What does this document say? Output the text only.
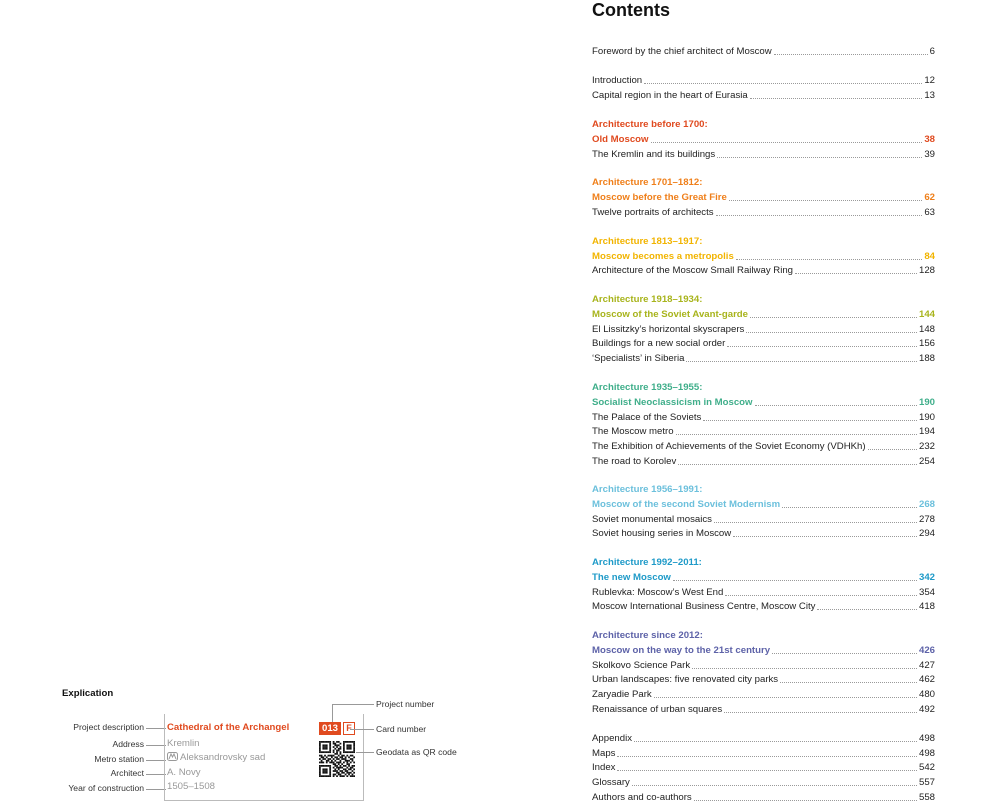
Contents
Foreword by the chief architect of Moscow	6
Introduction	12
Capital region in the heart of Eurasia	13
Architecture before 1700:
Old Moscow	38
The Kremlin and its buildings	39
Architecture 1701–1812:
Moscow before the Great Fire	62
Twelve portraits of architects	63
Architecture 1813–1917:
Moscow becomes a metropolis	84
Architecture of the Moscow Small Railway Ring	128
Architecture 1918–1934:
Moscow of the Soviet Avant-garde	144
El Lissitzky’s horizontal skyscrapers	148
Buildings for a new social order	156
‘Specialists’ in Siberia	188
Architecture 1935–1955:
Socialist Neoclassicism in Moscow	190
The Palace of the Soviets	190
The Moscow metro	194
The Exhibition of Achievements of the Soviet Economy (VDHKh)	232
The road to Korolev	254
Architecture 1956–1991:
Moscow of the second Soviet Modernism	268
Soviet monumental mosaics	278
Soviet housing series in Moscow	294
Architecture 1992–2011:
The new Moscow	342
Rublevka: Moscow’s West End	354
Moscow International Business Centre, Moscow City	418
Architecture since 2012:
Moscow on the way to the 21st century	426
Skolkovo Science Park	427
Urban landscapes: five renovated city parks	462
Zaryadie Park	480
Renaissance of urban squares	492
Appendix	498
Maps	498
Index	542
Glossary	557
Authors and co-authors	558
Explication
Project description
Address
Metro station
Architect
Year of construction
Cathedral of the Archangel
Kremlin
Aleksandrovsky sad
A. Novy
1505–1508
013 F
Project number
Card number
Geodata as QR code
